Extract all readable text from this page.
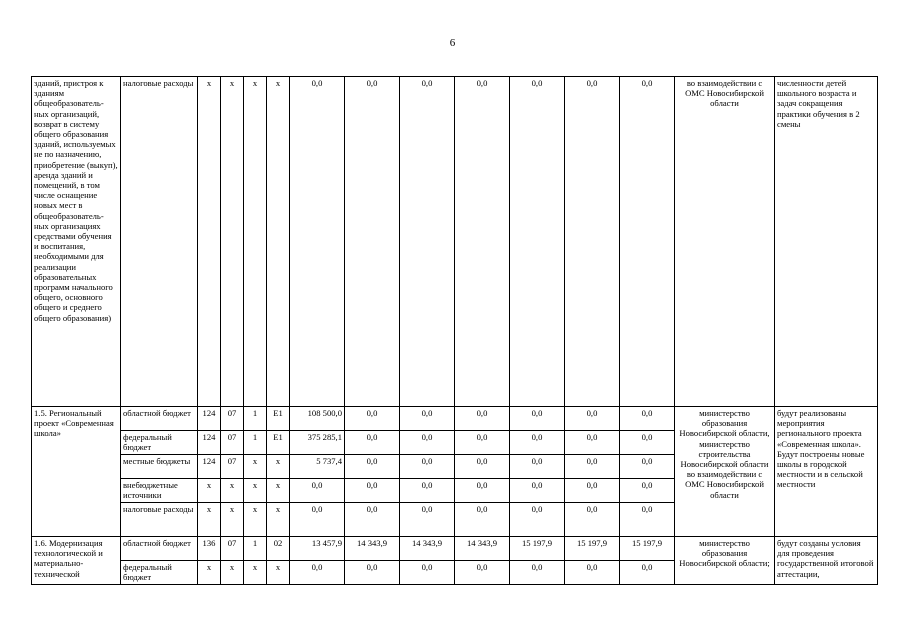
6
зданий, пристроя к зданиям общеобразователь-ных организаций, возврат в систему общего образования зданий, используемых не по назначению, приобретение (выкуп), аренда зданий и помещений, в том числе оснащение новых мест в общеобразователь-ных организациях средствами обучения и воспитания, необходимыми для реализации образовательных программ начального общего, основного общего и среднего общего образования)	налоговые расходы	x	x	x	x	0,0	0,0	0,0	0,0	0,0	0,0	0,0	во взаимодействии с ОМС Новосибирской области	численности детей школьного возраста и задач сокращения практики обучения в 2 смены
1.5. Региональный проект «Современная школа»	областной бюджет	124	07	1	Е1	108 500,0	0,0	0,0	0,0	0,0	0,0	0,0	министерство образования Новосибирской области, министерство строительства Новосибирской области во взаимодействии с ОМС Новосибирской области	будут реализованы мероприятия регионального проекта «Современная школа». Будут построены новые школы в городской местности и в сельской местности
	федеральный бюджет	124	07	1	Е1	375 285,1	0,0	0,0	0,0	0,0	0,0	0,0		
	местные бюджеты	124	07	x	x	5 737,4	0,0	0,0	0,0	0,0	0,0	0,0		
	внебюджетные источники	x	x	x	x	0,0	0,0	0,0	0,0	0,0	0,0	0,0		
	налоговые расходы	x	x	x	x	0,0	0,0	0,0	0,0	0,0	0,0	0,0		
1.6. Модернизация технологической и материально-технической	областной бюджет	136	07	1	02	13 457,9	14 343,9	14 343,9	14 343,9	15 197,9	15 197,9	15 197,9	министерство образования Новосибирской области;	будут созданы условия для проведения государственной итоговой аттестации,
	федеральный бюджет	x	x	x	x	0,0	0,0	0,0	0,0	0,0	0,0	0,0		
